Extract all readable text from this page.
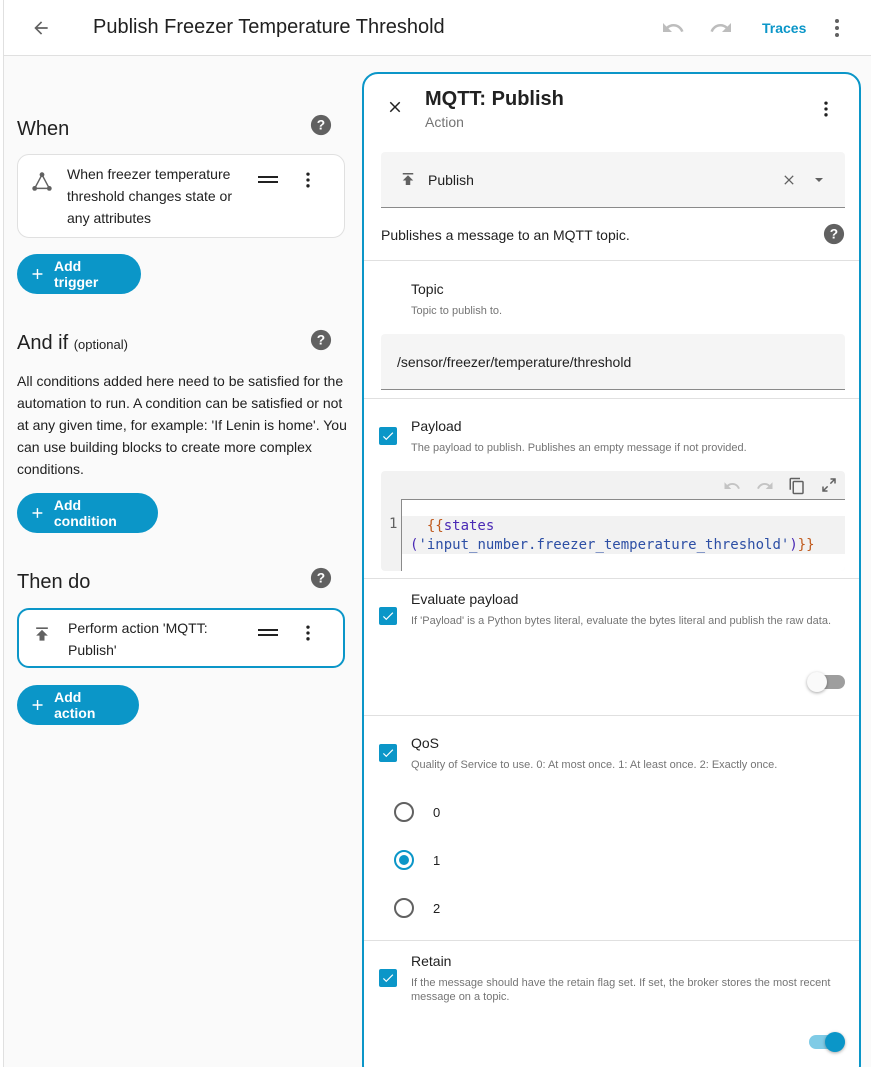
Publish Freezer Temperature Threshold	Traces
When	?
When freezer temperature
threshold changes state or
any attributes
Add trigger
And if (optional)	?
All conditions added here need to be satisfied for the automation to run. A condition can be satisfied or not at any given time, for example: 'If Lenin is home'. You can use building blocks to create more complex conditions.
Add condition
Then do	?
Perform action 'MQTT:
Publish'
Add action
MQTT: Publish
Action
Publish
Publishes a message to an MQTT topic.	?
Topic
Topic to publish to.
/sensor/freezer/temperature/threshold
Payload
The payload to publish. Publishes an empty message if not provided.
1	{{states
('input_number.freezer_temperature_threshold')}}
Evaluate payload
If 'Payload' is a Python bytes literal, evaluate the bytes literal and publish the raw data.
QoS
Quality of Service to use. 0: At most once. 1: At least once. 2: Exactly once.
0
1
2
Retain
If the message should have the retain flag set. If set, the broker stores the most recent message on a topic.
